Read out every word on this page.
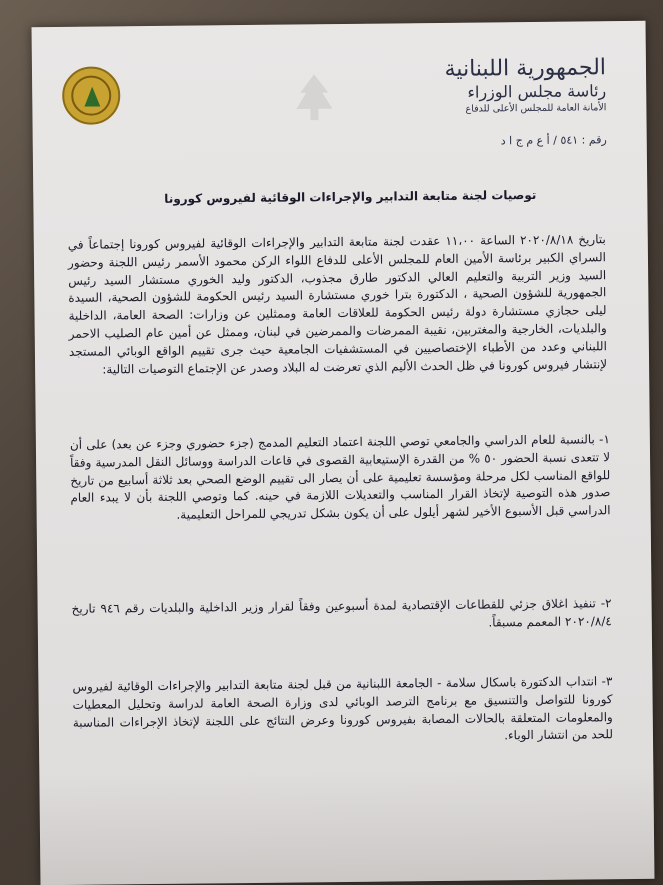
الجمهورية اللبنانية
رئاسة مجلس الوزراء
الأمانة العامة للمجلس الأعلى للدفاع
رقم : ٥٤١ / أ ع م ج ا د
توصيات لجنة متابعة التدابير والإجراءات الوقائية لفيروس كورونا
بتاريخ ٢٠٢٠/٨/١٨ الساعة ١١،٠٠ عقدت لجنة متابعة التدابير والإجراءات الوقائية لفيروس كورونا إجتماعاً في السراي الكبير برئاسة الأمين العام للمجلس الأعلى للدفاع اللواء الركن محمود الأسمر رئيس اللجنة وحضور السيد وزير التربية والتعليم العالي الدكتور طارق مجذوب، الدكتور وليد الخوري مستشار السيد رئيس الجمهورية للشؤون الصحية ، الدكتورة بترا خوري مستشارة السيد رئيس الحكومة للشؤون الصحية، السيدة ليلى حجازي مستشارة دولة رئيس الحكومة للعلاقات العامة وممثلين عن وزارات: الصحة العامة، الداخلية والبلديات، الخارجية والمغتربين، نقيبة الممرضات والممرضين في لبنان، وممثل عن أمين عام الصليب الاحمر اللبناني وعدد من الأطباء الإختصاصيين في المستشفيات الجامعية حيث جرى تقييم الواقع الوبائي المستجد لإنتشار فيروس كورونا في ظل الحدث الأليم الذي تعرضت له البلاد وصدر عن الإجتماع التوصيات التالية:
١- بالنسبة للعام الدراسي والجامعي توصي اللجنة اعتماد التعليم المدمج (جزء حضوري وجزء عن بعد) على أن لا تتعدى نسبة الحضور ٥٠ % من القدرة الإستيعابية القصوى في قاعات الدراسة ووسائل النقل المدرسية وفقاً للواقع المناسب لكل مرحلة ومؤسسة تعليمية على أن يصار الى تقييم الوضع الصحي بعد ثلاثة أسابيع من تاريخ صدور هذه التوصية لإتخاذ القرار المناسب والتعديلات اللازمة في حينه. كما وتوصي اللجنة بأن لا يبدء العام الدراسي قبل الأسبوع الأخير لشهر أيلول على أن يكون بشكل تدريجي للمراحل التعليمية.
٢- تنفيذ اغلاق جزئي للقطاعات الإقتصادية لمدة أسبوعين وفقاً لقرار وزير الداخلية والبلديات رقم ٩٤٦ تاريخ ٢٠٢٠/٨/٤ المعمم مسبقاً.
٣- انتداب الدكتورة باسكال سلامة - الجامعة اللبنانية من قبل لجنة متابعة التدابير والإجراءات الوقائية لفيروس كورونا للتواصل والتنسيق مع برنامج الترصد الوبائي لدى وزارة الصحة العامة لدراسة وتحليل المعطيات والمعلومات المتعلقة بالحالات المصابة بفيروس كورونا وعرض النتائج على اللجنة لإتخاذ الإجراءات المناسبة للحد من انتشار الوباء.
